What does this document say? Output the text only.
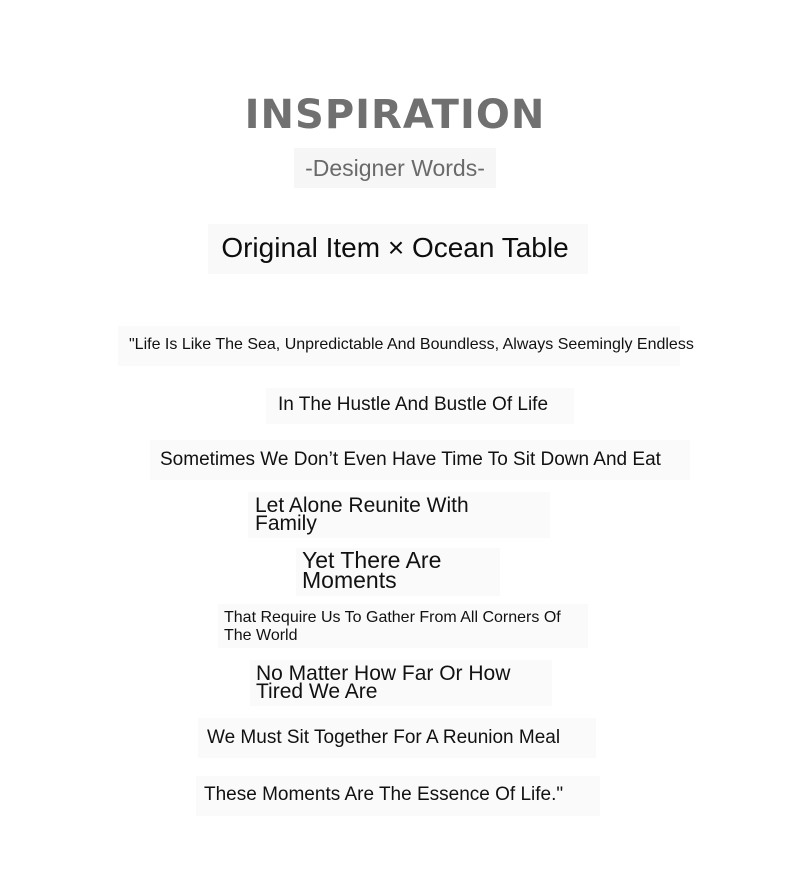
INSPIRATION
-Designer Words-
Original Item × Ocean Table

"Life Is Like The Sea, Unpredictable And Boundless, Always Seemingly Endless

In The Hustle And Bustle Of Life

Sometimes We Don’t Even Have Time To Sit Down And Eat

Let Alone Reunite With Family

Yet There Are Moments

That Require Us To Gather From All Corners Of The World

No Matter How Far Or How Tired We Are

We Must Sit Together For A Reunion Meal

These Moments Are The Essence Of Life."
